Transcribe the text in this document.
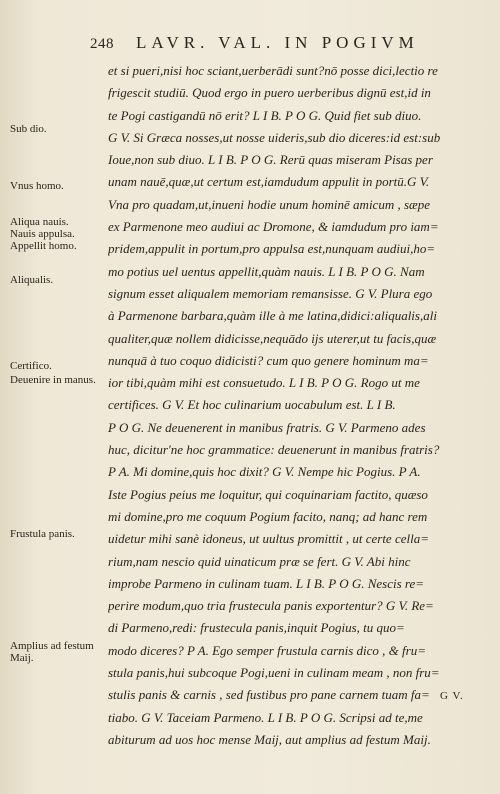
248 LAVR. VAL. IN POGIVM
Sub dio.
Vnus homo.
Aliqua nauis.
Nauis appulsa.
Appellit homo.
Aliqualis.
Certifico.
Deuenire in manus.
Frustula panis.
Amplius ad festum Maij.
et si pueri,nisi hoc sciant,uerberādi sunt?nō posse dici,lectio re
frigescit studiū. Quod ergo in puero uerberibus dignū est,id in
te Pogi castigandū nō erit? L I B. P O G. Quid fiet sub diuo.
G V. Si Græca nosses,ut nosse uideris,sub dio diceres:id est:sub
Ioue,non sub diuo. L I B. P O G. Rerū quas miseram Pisas per
unam nauē,quæ,ut certum est,iamdudum appulit in portū.G V.
Vna pro quadam,ut,inueni hodie unum hominē amicum , sæpe
ex Parmenone meo audiui ac Dromone, & iamdudum pro iam=
pridem,appulit in portum,pro appulsa est,nunquam audiui,ho=
mo potius uel uentus appellit,quàm nauis. L I B. P O G. Nam
signum esset aliqualem memoriam remansisse. G V. Plura ego
à Parmenone barbara,quàm ille à me latina,didici:aliqualis,ali
qualiter,quæ nollem didicisse,nequādo ijs uterer,ut tu facis,quæ
nunquā à tuo coquo didicisti? cum quo genere hominum ma=
ior tibi,quàm mihi est consuetudo. L I B. P O G. Rogo ut me
certifices. G V. Et hoc culinarium uocabulum est. L I B.
P O G. Ne deuenerent in manibus fratris. G V. Parmeno ades
huc, dicitur'ne hoc grammatice: deuenerunt in manibus fratris?
P A. Mi domine,quis hoc dixit? G V. Nempe hic Pogius. P A.
Iste Pogius peius me loquitur, qui coquinariam factito, quæso
mi domine,pro me coquum Pogium facito, nanq; ad hanc rem
uidetur mihi sanè idoneus, ut uultus promittit , ut certe cella=
rium,nam nescio quid uinaticum præ se fert. G V. Abi hinc
improbe Parmeno in culinam tuam. L I B. P O G. Nescis re=
perire modum,quo tria frustecula panis exportentur? G V. Re=
di Parmeno,redi: frustecula panis,inquit Pogius, tu quo=
modo diceres? P A. Ego semper frustula carnis dico , & fru=
stula panis,hui subcoque Pogi,ueni in culinam meam , non fru=
stulis panis & carnis , sed fustibus pro pane carnem tuam fa=
tiabo. G V. Taceiam Parmeno. L I B. P O G. Scripsi ad te,me
abiturum ad uos hoc mense Maij, aut amplius ad festum Maij.
G V.
